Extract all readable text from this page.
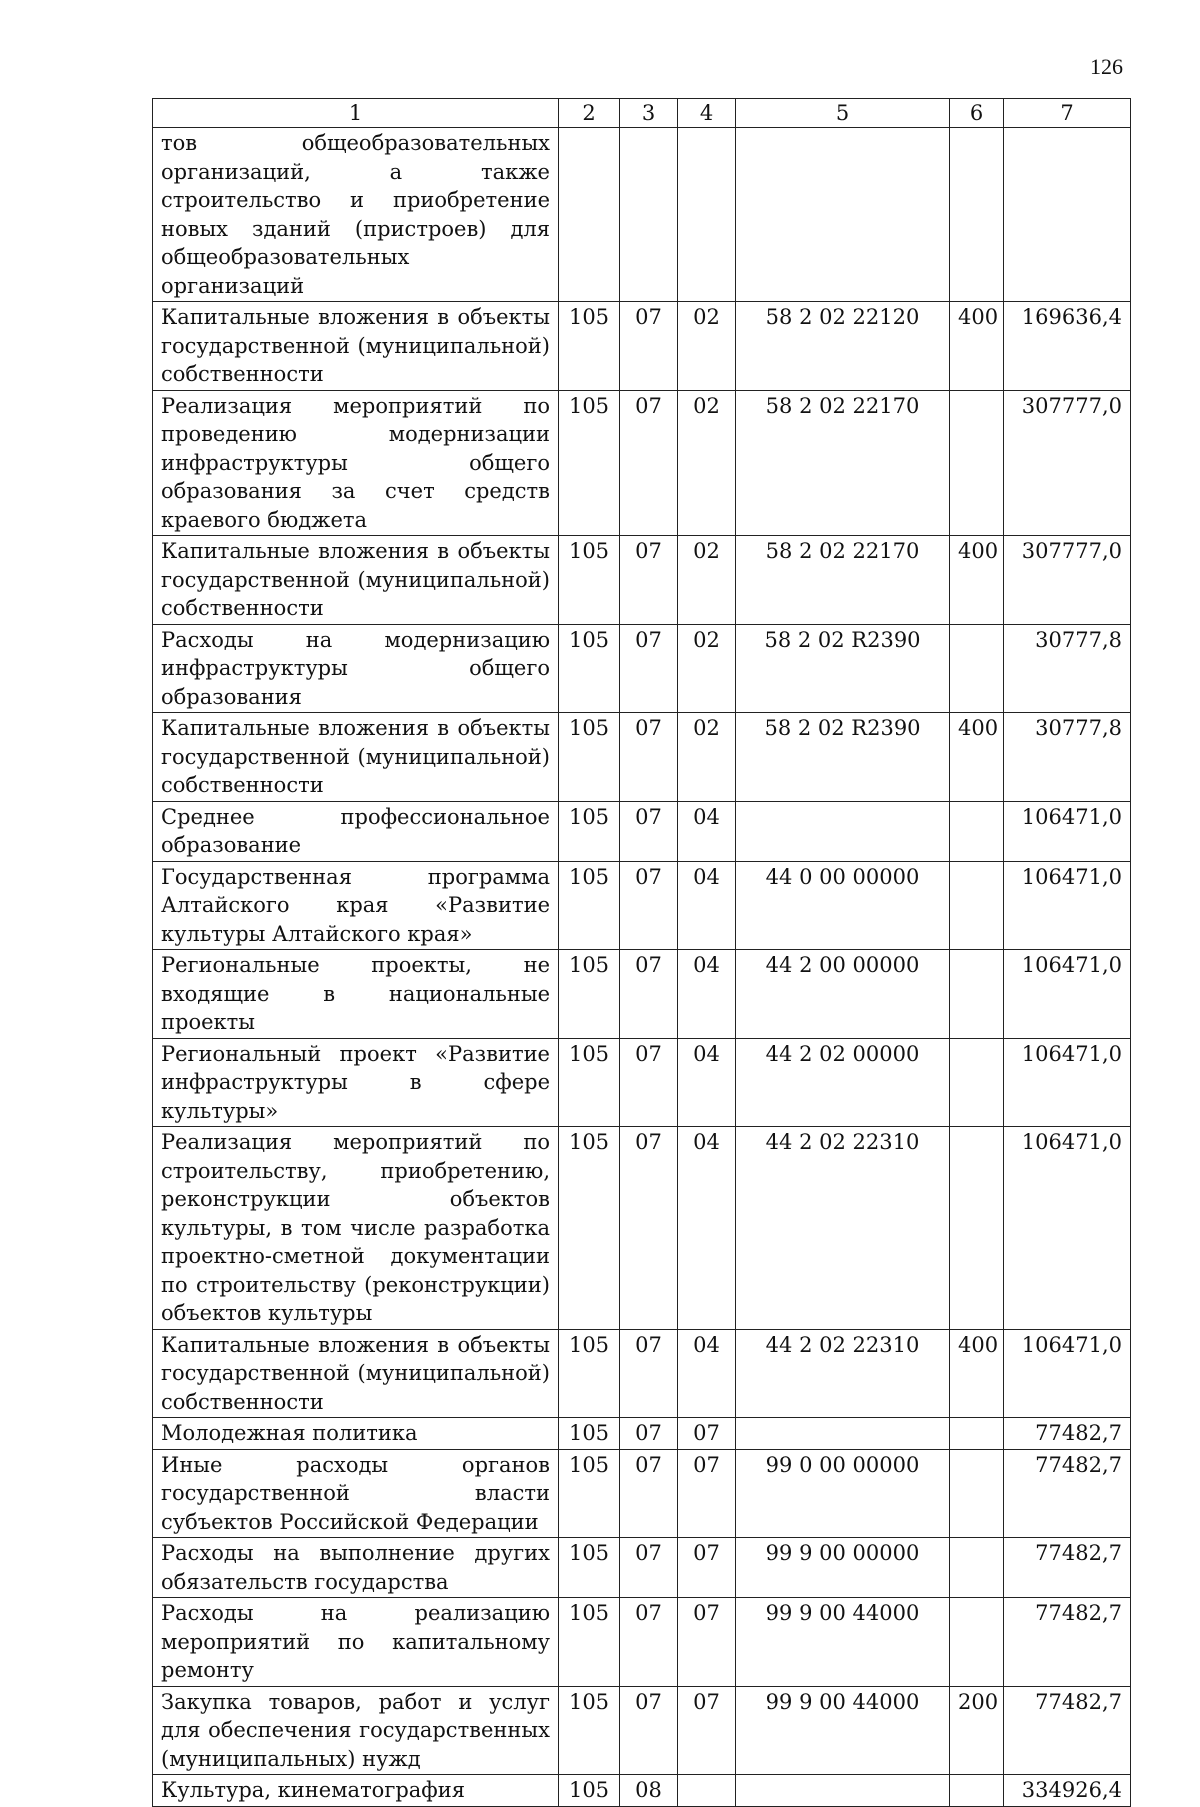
126
1	2	3	4	5	6	7
тов общеобразовательных организаций, а также строительство и приобретение новых зданий (пристроев) для общеобразовательных организаций						
Капитальные вложения в объекты государственной (муниципальной) собственности	105	07	02	58 2 02 22120	400	169636,4
Реализация мероприятий по проведению модернизации инфраструктуры общего образования за счет средств краевого бюджета	105	07	02	58 2 02 22170		307777,0
Капитальные вложения в объекты государственной (муниципальной) собственности	105	07	02	58 2 02 22170	400	307777,0
Расходы на модернизацию инфраструктуры общего образования	105	07	02	58 2 02 R2390		30777,8
Капитальные вложения в объекты государственной (муниципальной) собственности	105	07	02	58 2 02 R2390	400	30777,8
Среднее профессиональное образование	105	07	04			106471,0
Государственная программа Алтайского края «Развитие культуры Алтайского края»	105	07	04	44 0 00 00000		106471,0
Региональные проекты, не входящие в национальные проекты	105	07	04	44 2 00 00000		106471,0
Региональный проект «Развитие инфраструктуры в сфере культуры»	105	07	04	44 2 02 00000		106471,0
Реализация мероприятий по строительству, приобретению, реконструкции объектов культуры, в том числе разработка проектно-сметной документации по строительству (реконструкции) объектов культуры	105	07	04	44 2 02 22310		106471,0
Капитальные вложения в объекты государственной (муниципальной) собственности	105	07	04	44 2 02 22310	400	106471,0
Молодежная политика	105	07	07			77482,7
Иные расходы органов государственной власти субъектов Российской Федерации	105	07	07	99 0 00 00000		77482,7
Расходы на выполнение других обязательств государства	105	07	07	99 9 00 00000		77482,7
Расходы на реализацию мероприятий по капитальному ремонту	105	07	07	99 9 00 44000		77482,7
Закупка товаров, работ и услуг для обеспечения государственных (муниципальных) нужд	105	07	07	99 9 00 44000	200	77482,7
Культура, кинематография	105	08				334926,4
